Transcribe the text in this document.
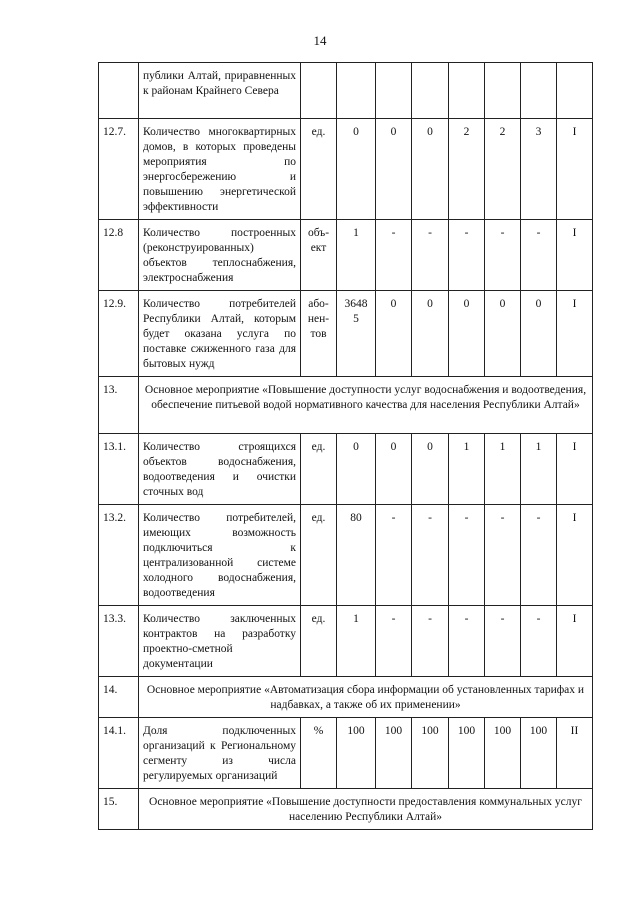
14
	публики Алтай, приравненных к районам Крайнего Севера								
12.7.	Количество многоквартирных домов, в которых проведены мероприятия по энергосбережению и повышению энергетической эффективности	ед.	0	0	0	2	2	3	I
12.8	Количество построенных (реконструированных) объектов теплоснабжения, электроснабжения	объ-ект	1	-	-	-	-	-	I
12.9.	Количество потребителей Республики Алтай, которым будет оказана услуга по поставке сжиженного газа для бытовых нужд	або-нен-тов	3648 5	0	0	0	0	0	I
13.	Основное мероприятие «Повышение доступности услуг водоснабжения и водоотведения, обеспечение питьевой водой нормативного качества для населения Республики Алтай»								
13.1.	Количество строящихся объектов водоснабжения, водоотведения и очистки сточных вод	ед.	0	0	0	1	1	1	I
13.2.	Количество потребителей, имеющих возможность подключиться к централизованной системе холодного водоснабжения, водоотведения	ед.	80	-	-	-	-	-	I
13.3.	Количество заключенных контрактов на разработку проектно-сметной документации	ед.	1	-	-	-	-	-	I
14.	Основное мероприятие «Автоматизация сбора информации об установленных тарифах и надбавках, а также об их применении»								
14.1.	Доля подключенных организаций к Региональному сегменту из числа регулируемых организаций	%	100	100	100	100	100	100	II
15.	Основное мероприятие «Повышение доступности предоставления коммунальных услуг населению Республики Алтай»								
